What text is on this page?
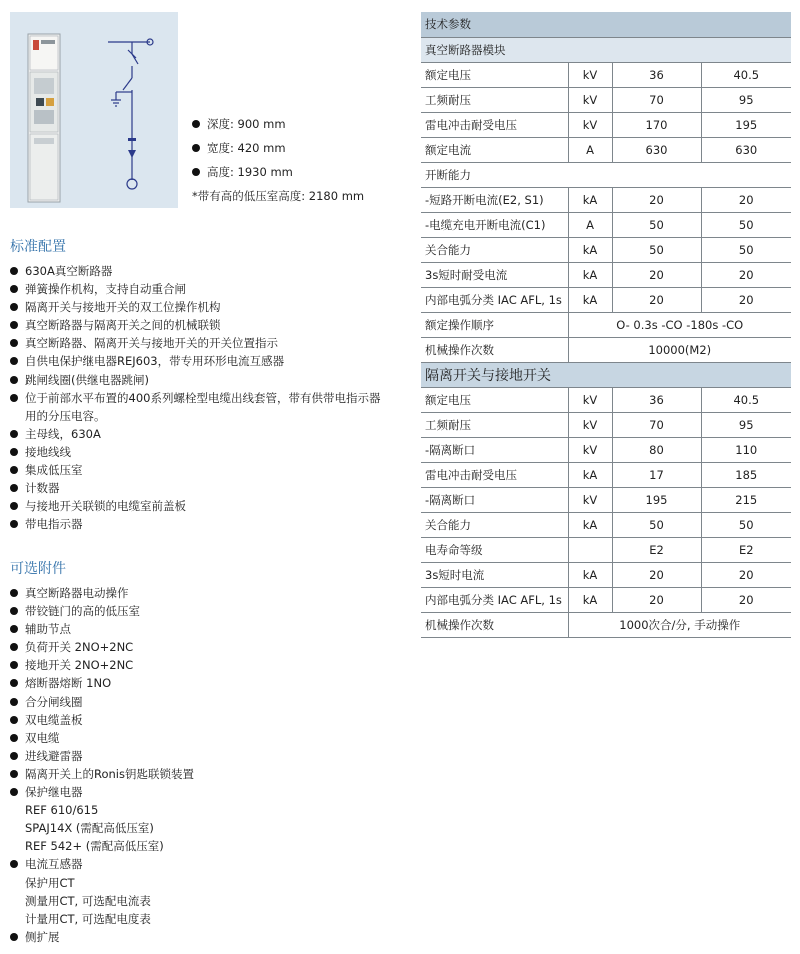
深度: 900 mm
宽度: 420 mm
高度: 1930 mm
*带有高的低压室高度: 2180 mm
标准配置
630A真空断路器
弹簧操作机构，支持自动重合闸
隔离开关与接地开关的双工位操作机构
真空断路器与隔离开关之间的机械联锁
真空断路器、隔离开关与接地开关的开关位置指示
自供电保护继电器REJ603，带专用环形电流互感器
跳闸线圈(供继电器跳闸)
位于前部水平布置的400系列螺栓型电缆出线套管，带有供带电指示器用的分压电容。
主母线，630A
接地线线
集成低压室
计数器
与接地开关联锁的电缆室前盖板
带电指示器
可选附件
真空断路器电动操作
带铰链门的高的低压室
辅助节点
负荷开关 2NO+2NC
接地开关 2NO+2NC
熔断器熔断 1NO
合分闸线圈
双电缆盖板
双电缆
进线避雷器
隔离开关上的Ronis钥匙联锁装置
保护继电器
REF 610/615
SPAJ14X (需配高低压室)
REF 542+ (需配高低压室)
电流互感器
保护用CT
测量用CT, 可选配电流表
计量用CT, 可选配电度表
侧扩展
技术参数			
真空断路器模块			
额定电压	kV	36	40.5
工频耐压	kV	70	95
雷电冲击耐受电压	kV	170	195
额定电流	A	630	630
开断能力			
-短路开断电流(E2, S1)	kA	20	20
-电缆充电开断电流(C1)	A	50	50
关合能力	kA	50	50
3s短时耐受电流	kA	20	20
内部电弧分类 IAC AFL, 1s	kA	20	20
额定操作顺序	O- 0.3s -CO -180s -CO		
机械操作次数	10000(M2)		
隔离开关与接地开关			
额定电压	kV	36	40.5
工频耐压	kV	70	95
-隔离断口	kV	80	110
雷电冲击耐受电压	kA	17	185
-隔离断口	kV	195	215
关合能力	kA	50	50
电寿命等级		E2	E2
3s短时电流	kA	20	20
内部电弧分类 IAC AFL, 1s	kA	20	20
机械操作次数	1000次合/分, 手动操作		
